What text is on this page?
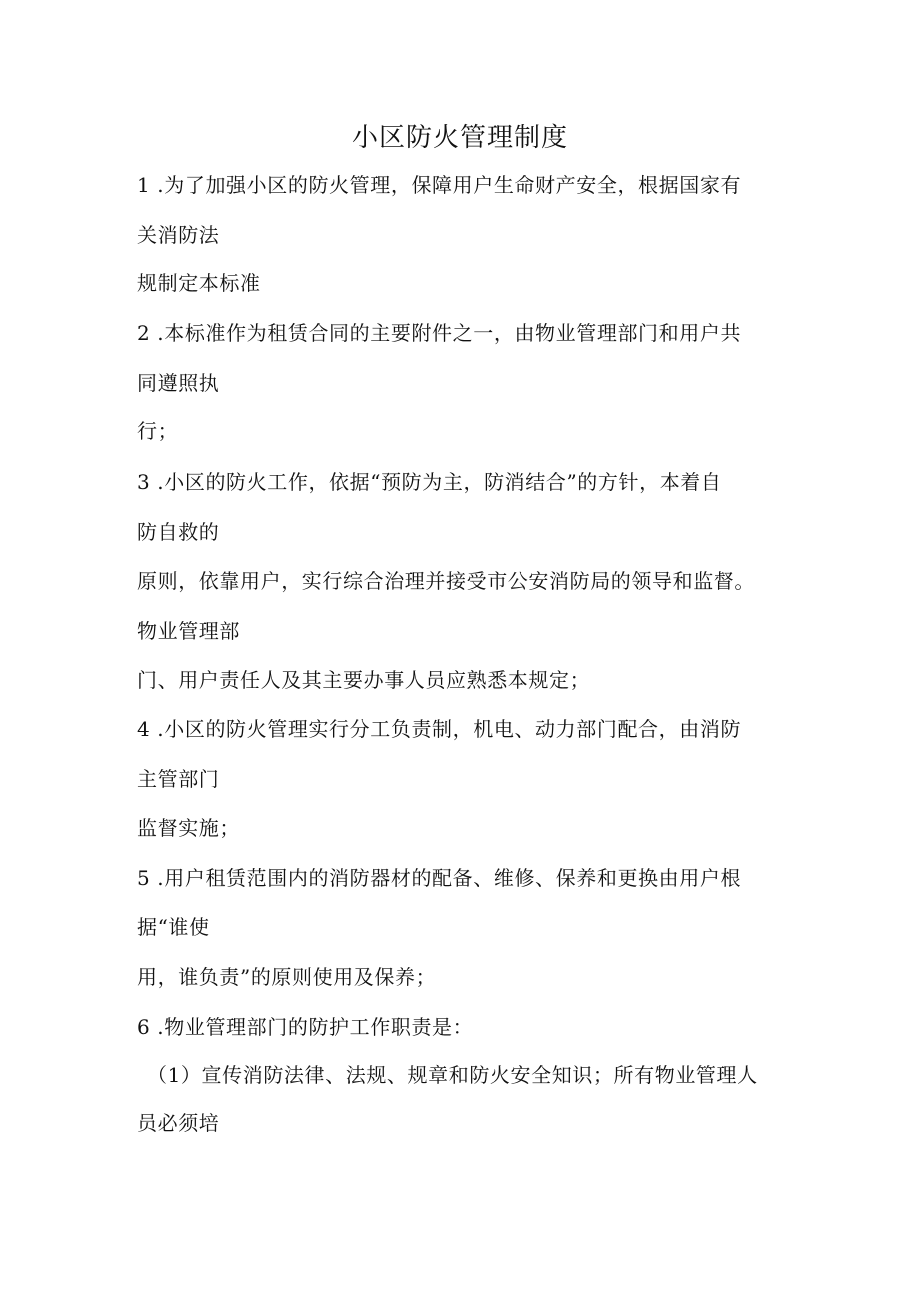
小区防火管理制度
1 .为了加强小区的防火管理，保障用户生命财产安全，根据国家有
关消防法
规制定本标准
2 .本标准作为租赁合同的主要附件之一，由物业管理部门和用户共
同遵照执
行；
3 .小区的防火工作，依据“预防为主，防消结合”的方针，本着自
防自救的
原则，依靠用户，实行综合治理并接受市公安消防局的领导和监督。
物业管理部
门、用户责任人及其主要办事人员应熟悉本规定；
4 .小区的防火管理实行分工负责制，机电、动力部门配合，由消防
主管部门
监督实施；
5 .用户租赁范围内的消防器材的配备、维修、保养和更换由用户根
据“谁使
用，谁负责”的原则使用及保养；
6 .物业管理部门的防护工作职责是：
（1）宣传消防法律、法规、规章和防火安全知识；所有物业管理人
员必须培
